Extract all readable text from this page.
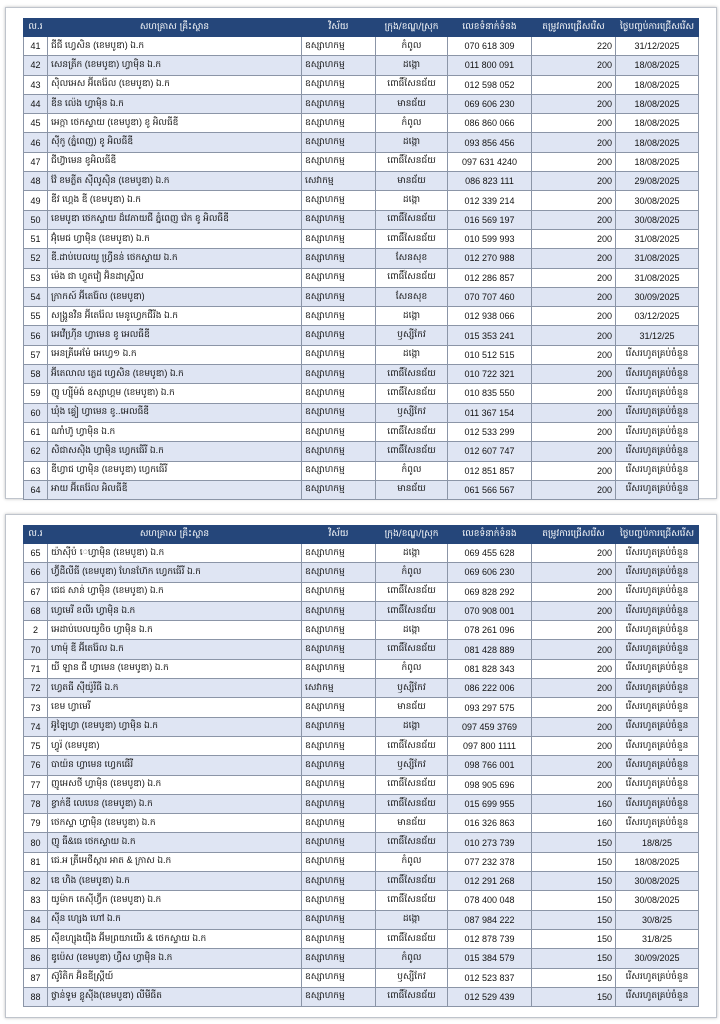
ល.រ	សហគ្រាស គ្រឹះស្ថាន	វិស័យ	ក្រុង/ខណ្ឌ/ស្រុក	លេខទំនាក់ទំនង	តម្រូវការជ្រើសរើស	ថ្ងៃបញ្ចប់ការជ្រើសរើស
41	ជីជី ហ្វេសិន (ខេមបូឌា) ឯ.ក	ឧស្សាហកម្ម	កំពូល	070 618 309	220	31/12/2025
42	សេនត្រីក (ខេមបូឌា) ហ្វាម៉ិន ឯ.ក	ឧស្សាហកម្ម	ដង្កោ	011 800 091	200	18/08/2025
43	ស៊ិលអេស អ៊ីតេរ៉ែល (ខេមបូឌា) ឯ.ក	ឧស្សាហកម្ម	ពោធិ៍សែនជ័យ	012 598 052	200	18/08/2025
44	ឌីន ល៉េង ហ្វាម៉ិន ឯ.ក	ឧស្សាហកម្ម	មានជ័យ	069 606 230	200	18/08/2025
45	អេក្កា ថេកស្ទាយ (ខេមបូឌា) ខូ អិលធីឌី	ឧស្សាហកម្ម	កំពូល	086 860 066	200	18/08/2025
46	ស៊ីកូ (ភ្នំពេញ) ខូ អិលធីឌី	ឧស្សាហកម្ម	ដង្កោ	093 856 456	200	18/08/2025
47	ជីហ្វ៊ាមេន ខូអិលធីឌី	ឧស្សាហកម្ម	ពោធិ៍សែនជ័យ	097 631 4240	200	18/08/2025
48	វ៉ែ ខមភ្លីត ស៊ីលូស៊ិន (ខេមបូឌា) ឯ.ក	សេវាកម្ម	មានជ័យ	086 823 111	200	29/08/2025
49	ឌីវ ហ្គេង ឌី (ខេមបូឌា) ឯ.ក	ឧស្សាហកម្ម	ដង្កោ	012 339 214	200	30/08/2025
50	ខេមបូឌា ថេកស្ទាយ ដ៏វេភាយជី ភ្នំពេញ វ៉េក ខូ អិលធីឌី	ឧស្សាហកម្ម	ពោធិ៍សែនជ័យ	016 569 197	200	30/08/2025
51	អ៊ុំមេជ ហ្វាម៉ិន (ខេមបូឌា) ឯ.ក	ឧស្សាហកម្ម	ពោធិ៍សែនជ័យ	010 599 993	200	31/08/2025
52	ឌី.ដាប់បេលយូ ហ្រ្វីនន់ ថេកស្ទាយ ឯ.ក	ឧស្សាហកម្ម	សែនសុខ	012 270 988	200	31/08/2025
53	ម៉េង ជា ហ្វូតវៀ អ៊ិនដាស្រ្ទីល	ឧស្សាហកម្ម	ពោធិ៍សែនជ័យ	012 286 857	200	31/08/2025
54	ក្រាកស៍ អ៊ីតេរ៉ែល (ខេមបូឌា)	ឧស្សាហកម្ម	សែនសុខ	070 707 460	200	30/09/2025
55	សង្គ្រូនវិន អ៊ីតេរ៉ែល មេនូហ្វេកជឺរីង ឯ.ក	ឧស្សាហកម្ម	ដង្កោ	012 938 066	200	03/12/2025
56	អេវើហ្រ៊ីន ហ្វាមេន ខូ អេលធីឌី	ឧស្សាហកម្ម	ឫស្សីកែវ	015 353 241	200	31/12/25
57	អេនគ្រីអេម៉ែ អេហ្វេ១ ឯ.ក	ឧស្សាហកម្ម	ដង្កោ	010 512 515	200	រើសរហូតគ្រប់ចំនួន
58	អ៊ីតេលាល ភ្លេដ ហ្វេសិន (ខេមបូឌា) ឯ.ក	ឧស្សាហកម្ម	ពោធិ៍សែនជ័យ	010 722 321	200	រើសរហូតគ្រប់ចំនួន
59	ញូ ហ្ស៊ីម៉ង់ ឧស្សាហ្គម (ខេមបូឌា) ឯ.ក	ឧស្សាហកម្ម	ពោធិ៍សែនជ័យ	010 835 550	200	រើសរហូតគ្រប់ចំនួន
60	ឃុំង គ្វៀ ហ្វាមេន ខូ..អេលធីឌី	ឧស្សាហកម្ម	ឫស្សីកែវ	011 367 154	200	រើសរហូតគ្រប់ចំនួន
61	ណាំហ៊ូ ហ្វាម៉ិន ឯ.ក	ឧស្សាហកម្ម	ពោធិ៍សែនជ័យ	012 533 299	200	រើសរហូតគ្រប់ចំនួន
62	សិជាសស៊ិង ហ្វាម៉ិន ហ្វេកធើរី ឯ.ក	ឧស្សាហកម្ម	ពោធិ៍សែនជ័យ	012 607 747	200	រើសរហូតគ្រប់ចំនួន
63	ឌីហ្វាជ ហ្វាម៉ិន (ខេមបូឌា) ហ្វេកធើរី	ឧស្សាហកម្ម	កំពូល	012 851 857	200	រើសរហូតគ្រប់ចំនួន
64	អាយ អ៊ីតេរ៉ែល អិលធីឌី	ឧស្សាហកម្ម	មានជ័យ	061 566 567	200	រើសរហូតគ្រប់ចំនួន
ល.រ	សហគ្រាស គ្រឹះស្ថាន	វិស័យ	ក្រុង/ខណ្ឌ/ស្រុក	លេខទំនាក់ទំនង	តម្រូវការជ្រើសរើស	ថ្ងៃបញ្ចប់ការជ្រើសរើស
65	យ៉ាស៊ីប៉ េហ្វាម៉ិន (ខេមបូឌា) ឯ.ក	ឧស្សាហកម្ម	ដង្កោ	069 455 628	200	រើសរហូតគ្រប់ចំនួន
66	ហ្វ៊ីដឺលីធី (ខេមបូឌា) ហែនហ៊ែក ហ្វេកធើរី ឯ.ក	ឧស្សាហកម្ម	កំពូល	069 606 230	200	រើសរហូតគ្រប់ចំនួន
67	ជេជ សាន់ ហ្វាម៉ិន (ខេមបូឌា) ឯ.ក	ឧស្សាហកម្ម	ពោធិ៍សែនជ័យ	069 828 292	200	រើសរហូតគ្រប់ចំនួន
68	ហ្វេមេរី ខលីរ ហ្វាម៉ិន ឯ.ក	ឧស្សាហកម្ម	ពោធិ៍សែនជ័យ	070 908 001	200	រើសរហូតគ្រប់ចំនួន
2	អេដាប់បេលយូចិច ហ្វាម៉ិន ឯ.ក	ឧស្សាហកម្ម	ដង្កោ	078 261 096	200	រើសរហូតគ្រប់ចំនួន
70	ហាម៉ុ ឌី អ៊ីតេរ៉ែល ឯ.ក	ឧស្សាហកម្ម	ពោធិ៍សែនជ័យ	081 428 889	200	រើសរហូតគ្រប់ចំនួន
71	យី ឡាន ជី ហ្វាមេន (ខេមបូឌា) ឯ.ក	ឧស្សាហកម្ម	កំពូល	081 828 343	200	រើសរហូតគ្រប់ចំនួន
72	ហ្វេតធី ស៊ីយ៉ូរីធី ឯ.ក	សេវាកម្ម	ឫស្សីកែវ	086 222 006	200	រើសរហូតគ្រប់ចំនួន
73	ខេម ហ្វាមេរី	ឧស្សាហកម្ម	មានជ័យ	093 297 575	200	រើសរហូតគ្រប់ចំនួន
74	អ៊ូឡៃហ្វា (ខេមបូឌា) ហ្វាម៉ិន ឯ.ក	ឧស្សាហកម្ម	ដង្កោ	097 459 3769	200	រើសរហូតគ្រប់ចំនួន
75	ហ្វូរ៉ (ខេមបូឌា)	ឧស្សាហកម្ម	ពោធិ៍សែនជ័យ	097 800 1111	200	រើសរហូតគ្រប់ចំនួន
76	បាយ៉ន ហ្វាមេន ហ្វេកធើរី	ឧស្សាហកម្ម	ឫស្សីកែវ	098 766 001	200	រើសរហូតគ្រប់ចំនួន
77	ញូអេសថី ហ្វាម៉ិន (ខេមបូឌា) ឯ.ក	ឧស្សាហកម្ម	ពោធិ៍សែនជ័យ	098 905 696	200	រើសរហូតគ្រប់ចំនួន
78	ខ្វាក់ឌី លេបេន (ខេមបូឌា) ឯ.ក	ឧស្សាហកម្ម	ពោធិ៍សែនជ័យ	015 699 955	160	រើសរហូតគ្រប់ចំនួន
79	ថេកស្ទា ហ្វាម៉ិន (ខេមបូឌា) ឯ.ក	ឧស្សាហកម្ម	មានជ័យ	016 326 863	160	រើសរហូតគ្រប់ចំនួន
80	ញូ ធី&ធេ ថេកស្ទាយ ឯ.ក	ឧស្សាហកម្ម	ពោធិ៍សែនជ័យ	010 273 739	150	18/8/25
81	ជេ.អ ត្រីអេថីស្តារ អាត & ក្រាស ឯ.ក	ឧស្សាហកម្ម	កំពូល	077 232 378	150	18/08/2025
82	ឌេ ហិង (ខេមបូឌា) ឯ.ក	ឧស្សាហកម្ម	ពោធិ៍សែនជ័យ	012 291 268	150	30/08/2025
83	យូម៉ាក តេស៊ីហ្វ៊ីក (ខេមបូឌា) ឯ.ក	ឧស្សាហកម្ម	ពោធិ៍សែនជ័យ	078 400 048	150	30/08/2025
84	ស៊ីន ហ្សេង ហៅ ឯ.ក	ឧស្សាហកម្ម	ដង្កោ	087 984 222	150	30/8/25
85	ស៊ីខហ្សុងយ៉ឹង អ៊ីមព្រយាយើរ & ថេកស្ទាយ ឯ.ក	ឧស្សាហកម្ម	ពោធិ៍សែនជ័យ	012 878 739	150	31/8/25
86	ឌូប៉េស (ខេមបូឌា) ហ្វឺស ហ្វាម៉ិន ឯ.ក	ឧស្សាហកម្ម	កំពូល	015 384 579	150	30/09/2025
87	ស៊ូរិតិក អ៊ិនឌីស្ត្រីយ៍	ឧស្សាហកម្ម	ឫស្សីកែវ	012 523 837	150	រើសរហូតគ្រប់ចំនួន
88	ថ្វាន់ទូម ខ្លូស៊ីង(ខេមបូឌា) លីមីធីត	ឧស្សាហកម្ម	ពោធិ៍សែនជ័យ	012 529 439	150	រើសរហូតគ្រប់ចំនួន
